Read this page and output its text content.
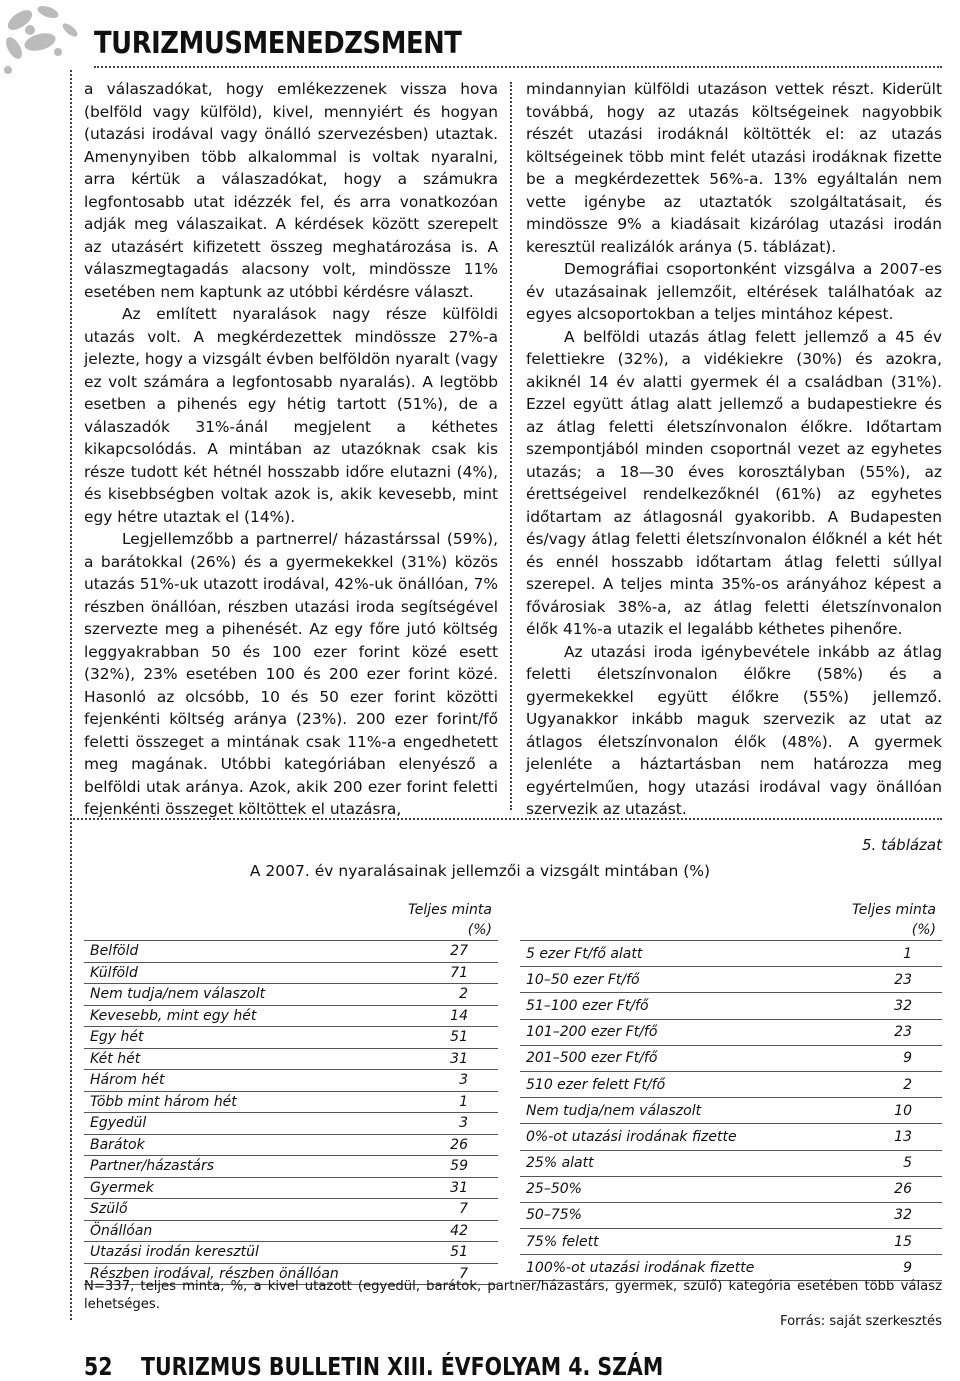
TURIZMUSMENEDZSMENT

a válaszadókat, hogy emlékezzenek vissza hova (belföld vagy külföld), kivel, mennyiért és hogyan (utazási irodával vagy önálló szervezésben) utaztak. Amenynyiben több alkalommal is voltak nyaralni, arra kértük a válaszadókat, hogy a számukra legfontosabb utat idézzék fel, és arra vonatkozóan adják meg válaszaikat. A kérdések között szerepelt az utazásért kifizetett összeg meghatározása is. A válaszmegtagadás alacsony volt, mindössze 11% esetében nem kaptunk az utóbbi kérdésre választ.

Az említett nyaralások nagy része külföldi utazás volt. A megkérdezettek mindössze 27%-a jelezte, hogy a vizsgált évben belföldön nyaralt (vagy ez volt számára a legfontosabb nyaralás). A legtöbb esetben a pihenés egy hétig tartott (51%), de a válaszadók 31%-ánál megjelent a kéthetes kikapcsolódás. A mintában az utazóknak csak kis része tudott két hétnél hosszabb időre elutazni (4%), és kisebbségben voltak azok is, akik kevesebb, mint egy hétre utaztak el (14%).

Legjellemzőbb a partnerrel/ házastárssal (59%), a barátokkal (26%) és a gyermekekkel (31%) közös utazás 51%-uk utazott irodával, 42%-uk önállóan, 7% részben önállóan, részben utazási iroda segítségével szervezte meg a pihenését. Az egy főre jutó költség leggyakrabban 50 és 100 ezer forint közé esett (32%), 23% esetében 100 és 200 ezer forint közé. Hasonló az olcsóbb, 10 és 50 ezer forint közötti fejenkénti költség aránya (23%). 200 ezer forint/fő feletti összeget a mintának csak 11%-a engedhetett meg magának. Utóbbi kategóriában elenyésző a belföldi utak aránya. Azok, akik 200 ezer forint feletti fejenkénti összeget költöttek el utazásra,

mindannyian külföldi utazáson vettek részt. Kiderült továbbá, hogy az utazás költségeinek nagyobbik részét utazási irodáknál költötték el: az utazás költségeinek több mint felét utazási irodáknak fizette be a megkérdezettek 56%-a. 13% egyáltalán nem vette igénybe az utaztatók szolgáltatásait, és mindössze 9% a kiadásait kizárólag utazási irodán keresztül realizálók aránya (5. táblázat).

Demográfiai csoportonként vizsgálva a 2007-es év utazásainak jellemzőit, eltérések találhatóak az egyes alcsoportokban a teljes mintához képest.

A belföldi utazás átlag felett jellemző a 45 év felettiekre (32%), a vidékiekre (30%) és azokra, akiknél 14 év alatti gyermek él a családban (31%). Ezzel együtt átlag alatt jellemző a budapestiekre és az átlag feletti életszínvonalon élőkre. Időtartam szempontjából minden csoportnál vezet az egyhetes utazás; a 18—30 éves korosztályban (55%), az érettségeivel rendelkezőknél (61%) az egyhetes időtartam az átlagosnál gyakoribb. A Budapesten és/vagy átlag feletti életszínvonalon élőknél a két hét és ennél hosszabb időtartam átlag feletti súllyal szerepel. A teljes minta 35%-os arányához képest a fővárosiak 38%-a, az átlag feletti életszínvonalon élők 41%-a utazik el legalább kéthetes pihenőre.

Az utazási iroda igénybevétele inkább az átlag feletti életszínvonalon élőkre (58%) és a gyermekekkel együtt élőkre (55%) jellemző. Ugyanakkor inkább maguk szervezik az utat az átlagos életszínvonalon élők (48%). A gyermek jelenléte a háztartásban nem határozza meg egyértelműen, hogy utazási irodával vagy önállóan szervezik az utazást.

5. táblázat
A 2007. év nyaralásainak jellemzői a vizsgált mintában (%)
	Teljes minta (%)
Belföld	27
Külföld	71
Nem tudja/nem válaszolt	2
Kevesebb, mint egy hét	14
Egy hét	51
Két hét	31
Három hét	3
Több mint három hét	1
Egyedül	3
Barátok	26
Partner/házastárs	59
Gyermek	31
Szülő	7
Önállóan	42
Utazási irodán keresztül	51
Részben irodával, részben önállóan	7
	Teljes minta (%)
5 ezer Ft/fő alatt	1
10–50 ezer Ft/fő	23
51–100 ezer Ft/fő	32
101–200 ezer Ft/fő	23
201–500 ezer Ft/fő	9
510 ezer felett Ft/fő	2
Nem tudja/nem válaszolt	10
0%-ot utazási irodának fizette	13
25% alatt	5
25–50%	26
50–75%	32
75% felett	15
100%-ot utazási irodának fizette	9
N=337, teljes minta, %, a kivel utazott (egyedül, barátok, partner/házastárs, gyermek, szülő) kategória esetében több válasz lehetséges.
Forrás: saját szerkesztés
52 TURIZMUS BULLETIN XIII. ÉVFOLYAM 4. SZÁM
